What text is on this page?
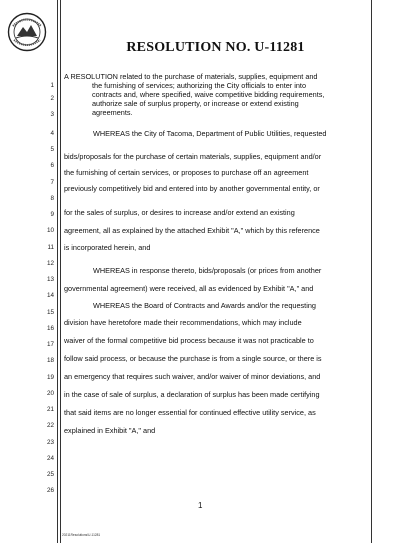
RESOLUTION NO. U-11281
1
2
3
4
5
6
7
8
9
10
11
12
13
14
15
16
17
18
19
20
21
22
23
24
25
26
A RESOLUTION related to the purchase of materials, supplies, equipment and
the furnishing of services; authorizing the City officials to enter into
contracts and, where specified, waive competitive bidding requirements,
authorize sale of surplus property, or increase or extend existing
agreements.
WHEREAS the City of Tacoma, Department of Public Utilities, requested
bids/proposals for the purchase of certain materials, supplies, equipment and/or
the furnishing of certain services, or proposes to purchase off an agreement
previously competitively bid and entered into by another governmental entity, or
for the sales of surplus, or desires to increase and/or extend an existing
agreement, all as explained by the attached Exhibit "A," which by this reference
is incorporated herein, and
WHEREAS in response thereto, bids/proposals (or prices from another
governmental agreement) were received, all as evidenced by Exhibit "A," and
WHEREAS the Board of Contracts and Awards and/or the requesting
division have heretofore made their recommendations, which may include
waiver of the formal competitive bid process because it was not practicable to
follow said process, or because the purchase is from a single source, or there is
an emergency that requires such waiver, and/or waiver of minor deviations, and
in the case of sale of surplus, a declaration of surplus has been made certifying
that said items are no longer essential for continued effective utility service, as
explained in Exhibit "A," and
1
20211Resolutions\U-11281
